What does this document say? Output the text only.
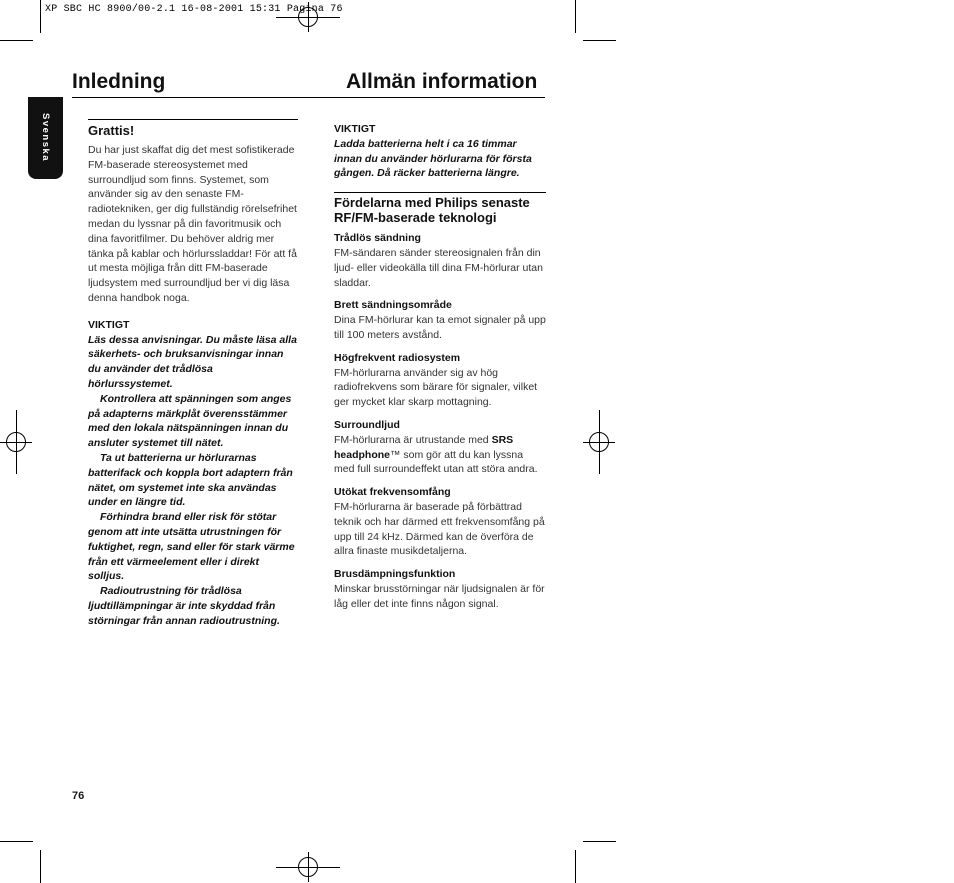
XP SBC HC 8900/00-2.1 16-08-2001 15:31 Pagina 76
Inledning	Allmän information
Svenska	Grattis!

Du har just skaffat dig det mest sofistikerade FM-baserade stereosystemet med surroundljud som finns. Systemet, som använder sig av den senaste FM-radiotekniken, ger dig fullständig rörelsefrihet medan du lyssnar på din favoritmusik och dina favoritfilmer. Du behöver aldrig mer tänka på kablar och hörlurssladdar! För att få ut mesta möjliga från ditt FM-baserade ljudsystem med surroundljud ber vi dig läsa denna handbok noga.

VIKTIGT

Läs dessa anvisningar. Du måste läsa alla säkerhets- och bruksanvisningar innan du använder det trådlösa hörlurssystemet.

Kontrollera att spänningen som anges på adapterns märkplåt överensstämmer med den lokala nätspänningen innan du ansluter systemet till nätet.

Ta ut batterierna ur hörlurarnas batterifack och koppla bort adaptern från nätet, om systemet inte ska användas under en längre tid.

Förhindra brand eller risk för stötar genom att inte utsätta utrustningen för fuktighet, regn, sand eller för stark värme från ett värmeelement eller i direkt solljus.

Radioutrustning för trådlösa ljudtillämpningar är inte skyddad från störningar från annan radioutrustning.

VIKTIGT

Ladda batterierna helt i ca 16 timmar innan du använder hörlurarna för första gången. Då räcker batterierna längre.

Fördelarna med Philips senaste RF/FM-baserade teknologi

Trådlös sändning

FM-sändaren sänder stereosignalen från din ljud- eller videokälla till dina FM-hörlurar utan sladdar.

Brett sändningsområde

Dina FM-hörlurar kan ta emot signaler på upp till 100 meters avstånd.

Högfrekvent radiosystem

FM-hörlurarna använder sig av hög radiofrekvens som bärare för signaler, vilket ger mycket klar skarp mottagning.

Surroundljud

FM-hörlurarna är utrustande med SRS headphone™ som gör att du kan lyssna med full surroundeffekt utan att störa andra.

Utökat frekvensomfång

FM-hörlurarna är baserade på förbättrad teknik och har därmed ett frekvensomfång på upp till 24 kHz. Därmed kan de överföra de allra finaste musikdetaljerna.

Brusdämpningsfunktion

Minskar brusstörningar när ljudsignalen är för låg eller det inte finns någon signal.

76
